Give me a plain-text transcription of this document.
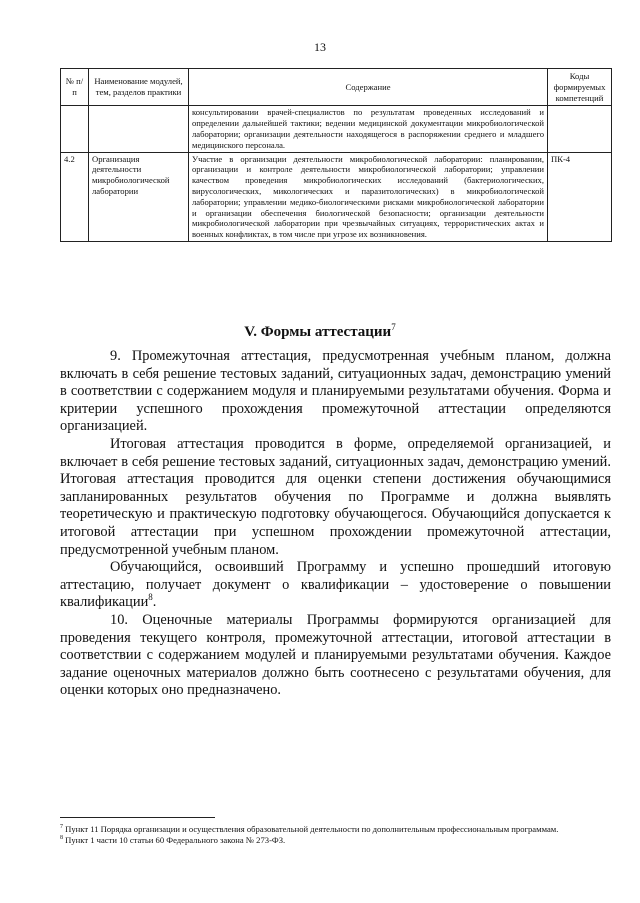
13
№ п/п	Наименование модулей, тем, разделов практики	Содержание	Коды формируемых компетенций
		консультировании врачей-специалистов по результатам проведенных исследований и определении дальнейшей тактики; ведении медицинской документации микробиологической лаборатории; организации деятельности находящегося в распоряжении среднего и младшего медицинского персонала.	
4.2	Организация деятельности микробиологической лаборатории	Участие в организации деятельности микробиологической лаборатории: планировании, организации и контроле деятельности микробиологической лаборатории; управлении качеством проведения микробиологических исследований (бактериологических, вирусологических, микологических и паразитологических) в микробиологической лаборатории; управлении медико-биологическими рисками микробиологической лаборатории и организации обеспечения биологической безопасности; организации деятельности микробиологической лаборатории при чрезвычайных ситуациях, террористических актах и военных конфликтах, в том числе при угрозе их возникновения.	ПК-4
V. Формы аттестации$^7$

9. Промежуточная аттестация, предусмотренная учебным планом, должна включать в себя решение тестовых заданий, ситуационных задач, демонстрацию умений в соответствии с содержанием модуля и планируемыми результатами обучения. Форма и критерии успешного прохождения промежуточной аттестации определяются организацией.

Итоговая аттестация проводится в форме, определяемой организацией, и включает в себя решение тестовых заданий, ситуационных задач, демонстрацию умений. Итоговая аттестация проводится для оценки степени достижения обучающимися запланированных результатов обучения по Программе и должна выявлять теоретическую и практическую подготовку обучающегося. Обучающийся допускается к итоговой аттестации при успешном прохождении промежуточной аттестации, предусмотренной учебным планом.

Обучающийся, освоивший Программу и успешно прошедший итоговую аттестацию, получает документ о квалификации – удостоверение о повышении квалификации$^8$.

10. Оценочные материалы Программы формируются организацией для проведения текущего контроля, промежуточной аттестации, итоговой аттестации в соответствии с содержанием модулей и планируемыми результатами обучения. Каждое задание оценочных материалов должно быть соотнесено с результатами обучения, для оценки которых оно предназначено.

$^7$ Пункт 11 Порядка организации и осуществления образовательной деятельности по дополнительным профессиональным программам.

$^8$ Пункт 1 части 10 статьи 60 Федерального закона № 273-ФЗ.
